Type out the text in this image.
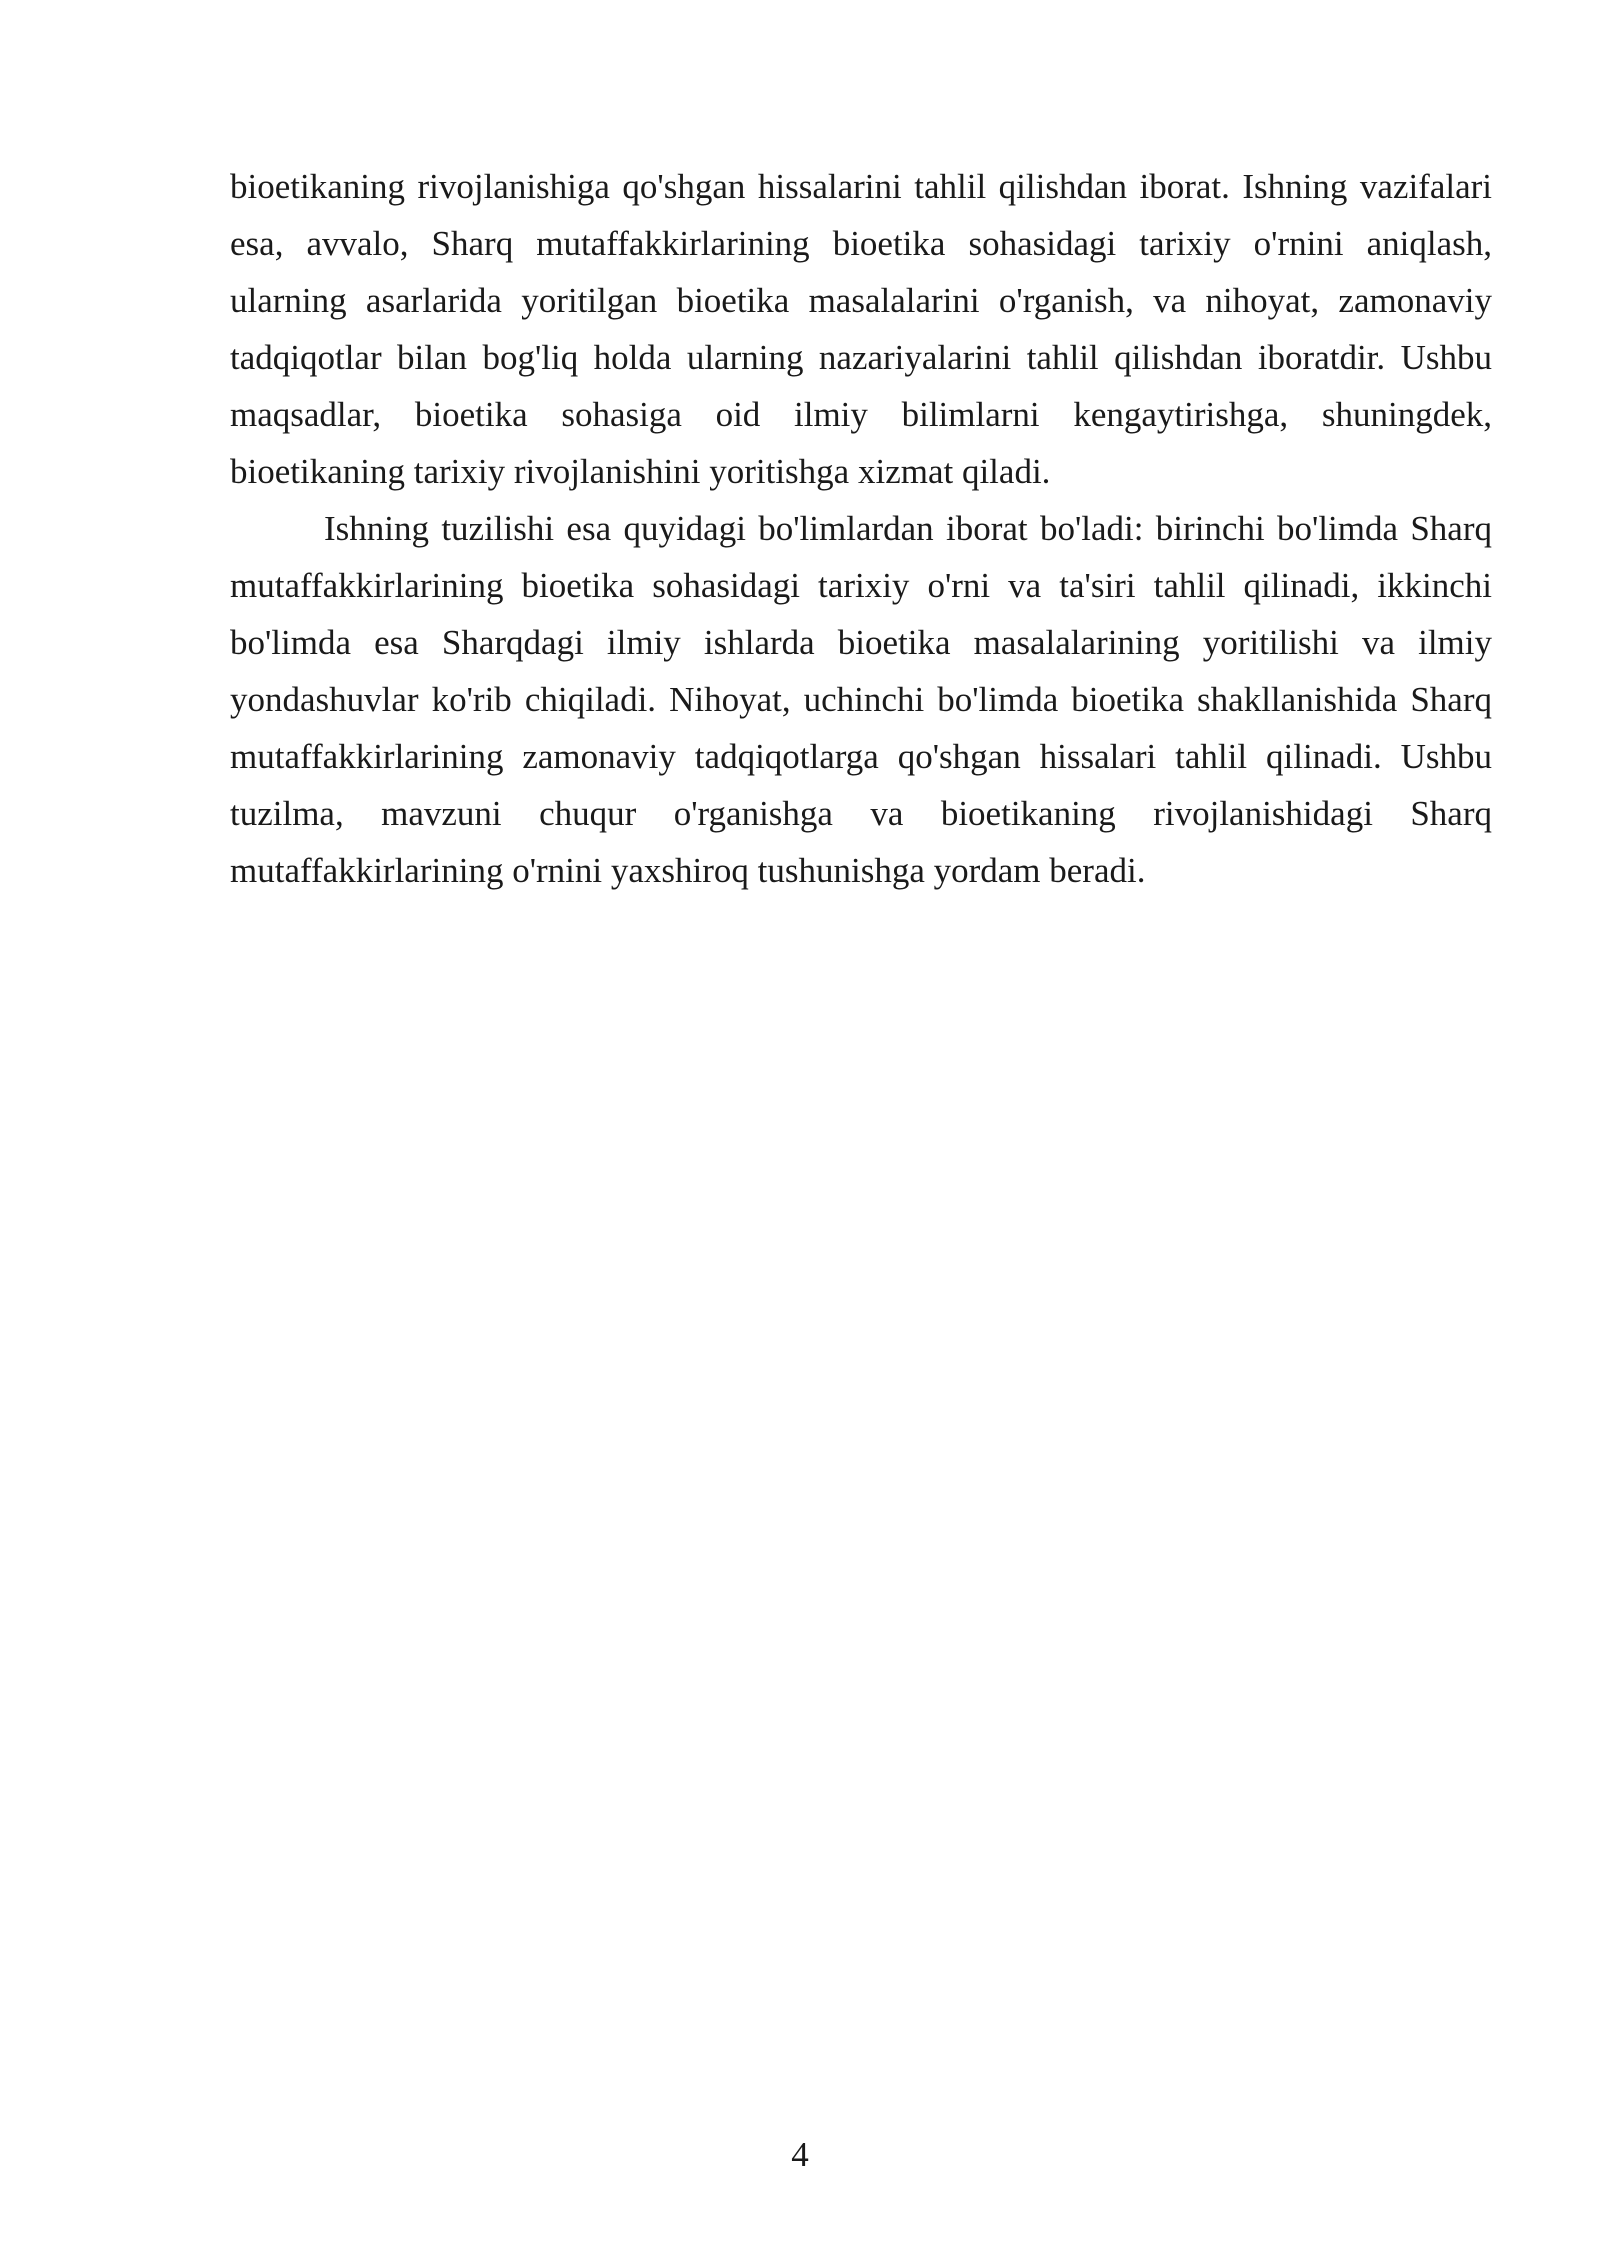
bioetikaning rivojlanishiga qo'shgan hissalarini tahlil qilishdan iborat. Ishning vazifalari esa, avvalo, Sharq mutaffakkirlarining bioetika sohasidagi tarixiy o'rnini aniqlash, ularning asarlarida yoritilgan bioetika masalalarini o'rganish, va nihoyat, zamonaviy tadqiqotlar bilan bog'liq holda ularning nazariyalarini tahlil qilishdan iboratdir. Ushbu maqsadlar, bioetika sohasiga oid ilmiy bilimlarni kengaytirishga, shuningdek, bioetikaning tarixiy rivojlanishini yoritishga xizmat qiladi.

Ishning tuzilishi esa quyidagi bo'limlardan iborat bo'ladi: birinchi bo'limda Sharq mutaffakkirlarining bioetika sohasidagi tarixiy o'rni va ta'siri tahlil qilinadi, ikkinchi bo'limda esa Sharqdagi ilmiy ishlarda bioetika masalalarining yoritilishi va ilmiy yondashuvlar ko'rib chiqiladi. Nihoyat, uchinchi bo'limda bioetika shakllanishida Sharq mutaffakkirlarining zamonaviy tadqiqotlarga qo'shgan hissalari tahlil qilinadi. Ushbu tuzilma, mavzuni chuqur o'rganishga va bioetikaning rivojlanishidagi Sharq mutaffakkirlarining o'rnini yaxshiroq tushunishga yordam beradi.

4
